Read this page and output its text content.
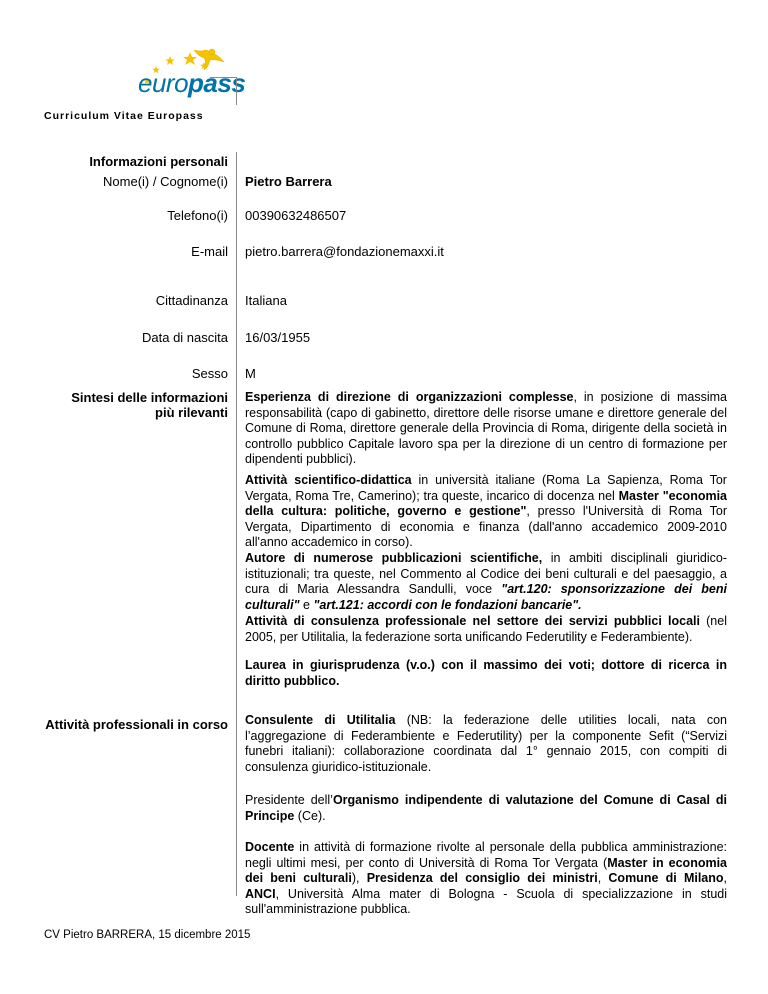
europass
Curriculum Vitae Europass
Informazioni personali
Nome(i) / Cognome(i) Pietro Barrera
Telefono(i) 00390632486507
E-mail pietro.barrera@fondazionemaxxi.it
Cittadinanza Italiana
Data di nascita 16/03/1955
Sesso M
Sintesi delle informazioni
più rilevanti
Esperienza di direzione di organizzazioni complesse, in posizione di massima responsabilità (capo di gabinetto, direttore delle risorse umane e direttore generale del Comune di Roma, direttore generale della Provincia di Roma, dirigente della società in controllo pubblico Capitale lavoro spa per la direzione di un centro di formazione per dipendenti pubblici).
Attività scientifico-didattica in università italiane (Roma La Sapienza, Roma Tor Vergata, Roma Tre, Camerino); tra queste, incarico di docenza nel Master "economia della cultura: politiche, governo e gestione", presso l'Università di Roma Tor Vergata, Dipartimento di economia e finanza (dall'anno accademico 2009-2010 all'anno accademico in corso).
Autore di numerose pubblicazioni scientifiche, in ambiti disciplinali giuridico-istituzionali; tra queste, nel Commento al Codice dei beni culturali e del paesaggio, a cura di Maria Alessandra Sandulli, voce "art.120: sponsorizzazione dei beni culturali" e "art.121: accordi con le fondazioni bancarie".
Attività di consulenza professionale nel settore dei servizi pubblici locali (nel 2005, per Utilitalia, la federazione sorta unificando Federutility e Federambiente).
Laurea in giurisprudenza (v.o.) con il massimo dei voti; dottore di ricerca in diritto pubblico.
Attività professionali in corso Consulente di Utilitalia (NB: la federazione delle utilities locali, nata con l’aggregazione di Federambiente e Federutility) per la componente Sefit (“Servizi funebri italiani): collaborazione coordinata dal 1° gennaio 2015, con compiti di consulenza giuridico-istituzionale.
Presidente dell’Organismo indipendente di valutazione del Comune di Casal di Principe (Ce).
Docente in attività di formazione rivolte al personale della pubblica amministrazione: negli ultimi mesi, per conto di Università di Roma Tor Vergata (Master in economia dei beni culturali), Presidenza del consiglio dei ministri, Comune di Milano, ANCI, Università Alma mater di Bologna - Scuola di specializzazione in studi sull'amministrazione pubblica.
CV Pietro BARRERA, 15 dicembre 2015
